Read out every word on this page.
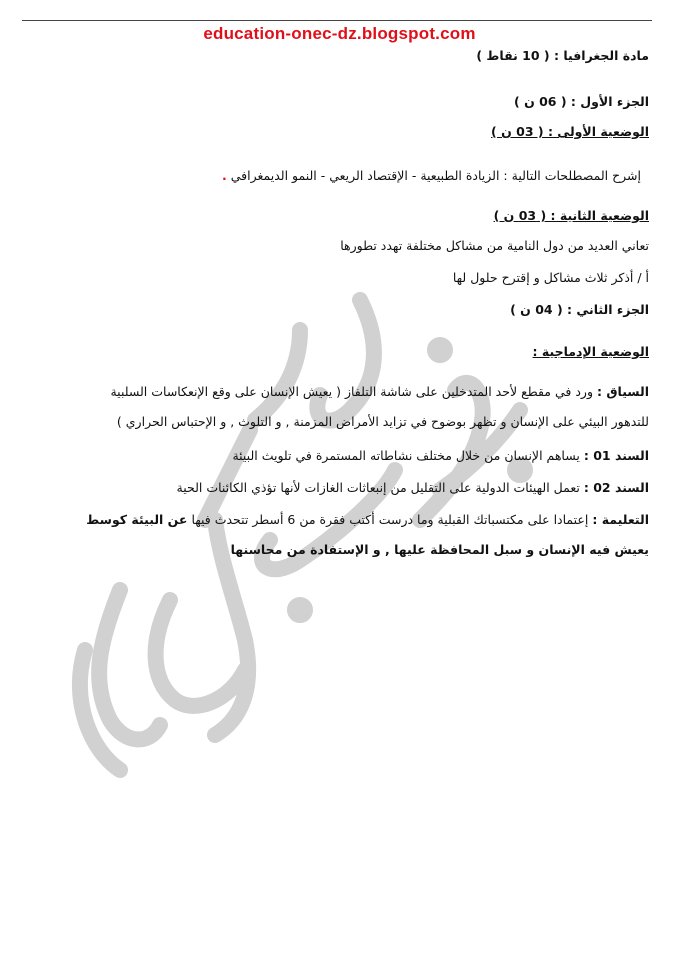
education-onec-dz.blogspot.com
مادة الجغرافيا : ( 10 نقاط )
الجزء الأول : ( 06 ن )
الوضعية الأولى : ( 03 ن )
إشرح المصطلحات التالية : الزيادة الطبيعية - الإقتصاد الريعي - النمو الديمغرافي .
الوضعية الثانية : ( 03 ن )
تعاني العديد من دول النامية من مشاكل مختلفة تهدد تطورها
أ / أذكر ثلاث مشاكل و إقترح حلول لها
الجزء الثاني : ( 04 ن )
الوضعية الإدماجية :
السياق : ورد في مقطع لأحد المتدخلين على شاشة التلفاز ( يعيش الإنسان على وقع الإنعكاسات السلبية
للتدهور البيئي على الإنسان و تظهر بوضوح في تزايد الأمراض المزمنة , و التلوث , و الإحتباس الحراري )
السند 01 : يساهم الإنسان من خلال مختلف نشاطاته المستمرة في تلويث البيئة
السند 02 : تعمل الهيئات الدولية على التقليل من إنبعاثات الغازات لأنها تؤذي الكائنات الحية
التعليمة : إعتمادا على مكتسباتك القبلية وما درست أكتب فقرة من 6 أسطر تتحدث فيها عن البيئة كوسط
يعيش فيه الإنسان و سبل المحافظة عليها , و الإستفادة من محاسنها
